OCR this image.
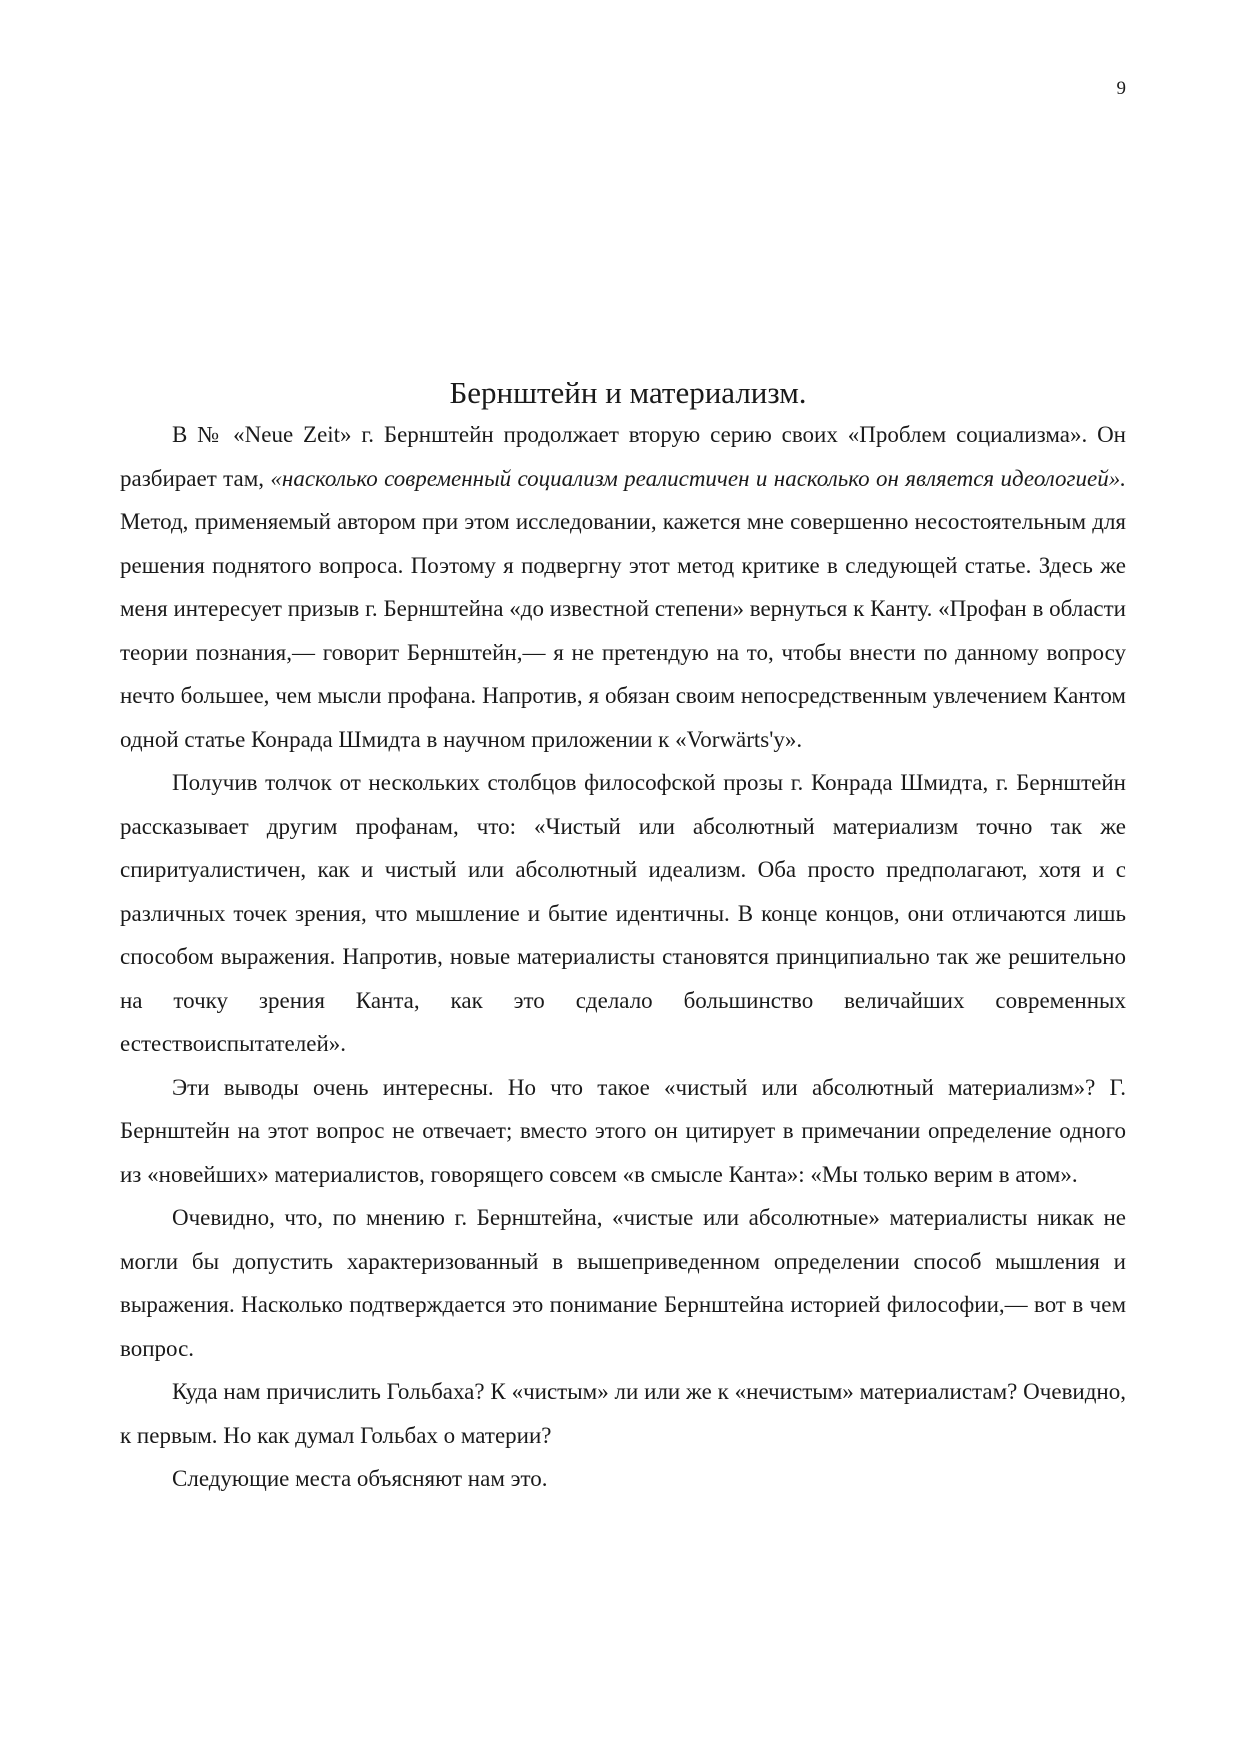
9
Бернштейн и материализм.

В № «Neue Zeit» г. Бернштейн продолжает вторую серию своих «Проблем социализма». Он разбирает там, «насколько современный социализм реалистичен и насколько он является идеологией». Метод, применяемый автором при этом исследовании, кажется мне совершенно несостоятельным для решения поднятого вопроса. Поэтому я подвергну этот метод критике в следующей статье. Здесь же меня интересует призыв г. Бернштейна «до известной степени» вернуться к Канту. «Профан в области теории познания,— говорит Бернштейн,— я не претендую на то, чтобы внести по данному вопросу нечто большее, чем мысли профана. Напротив, я обязан своим непосредственным увлечением Кантом одной статье Конрада Шмидта в научном приложении к «Vorwärts'y».

Получив толчок от нескольких столбцов философской прозы г. Конрада Шмидта, г. Бернштейн рассказывает другим профанам, что: «Чистый или абсолютный материализм точно так же спиритуалистичен, как и чистый или абсолютный идеализм. Оба просто предполагают, хотя и с различных точек зрения, что мышление и бытие идентичны. В конце концов, они отличаются лишь способом выражения. Напротив, новые материалисты становятся принципиально так же решительно на точку зрения Канта, как это сделало большинство величайших современных естествоиспытателей».

Эти выводы очень интересны. Но что такое «чистый или абсолютный материализм»? Г. Бернштейн на этот вопрос не отвечает; вместо этого он цитирует в примечании определение одного из «новейших» материалистов, говорящего совсем «в смысле Канта»: «Мы только верим в атом».

Очевидно, что, по мнению г. Бернштейна, «чистые или абсолютные» материалисты никак не могли бы допустить характеризованный в вышеприведенном определении способ мышления и выражения. Насколько подтверждается это понимание Бернштейна историей философии,— вот в чем вопрос.

Куда нам причислить Гольбаха? К «чистым» ли или же к «нечистым» материалистам? Очевидно, к первым. Но как думал Гольбах о материи?

Следующие места объясняют нам это.
